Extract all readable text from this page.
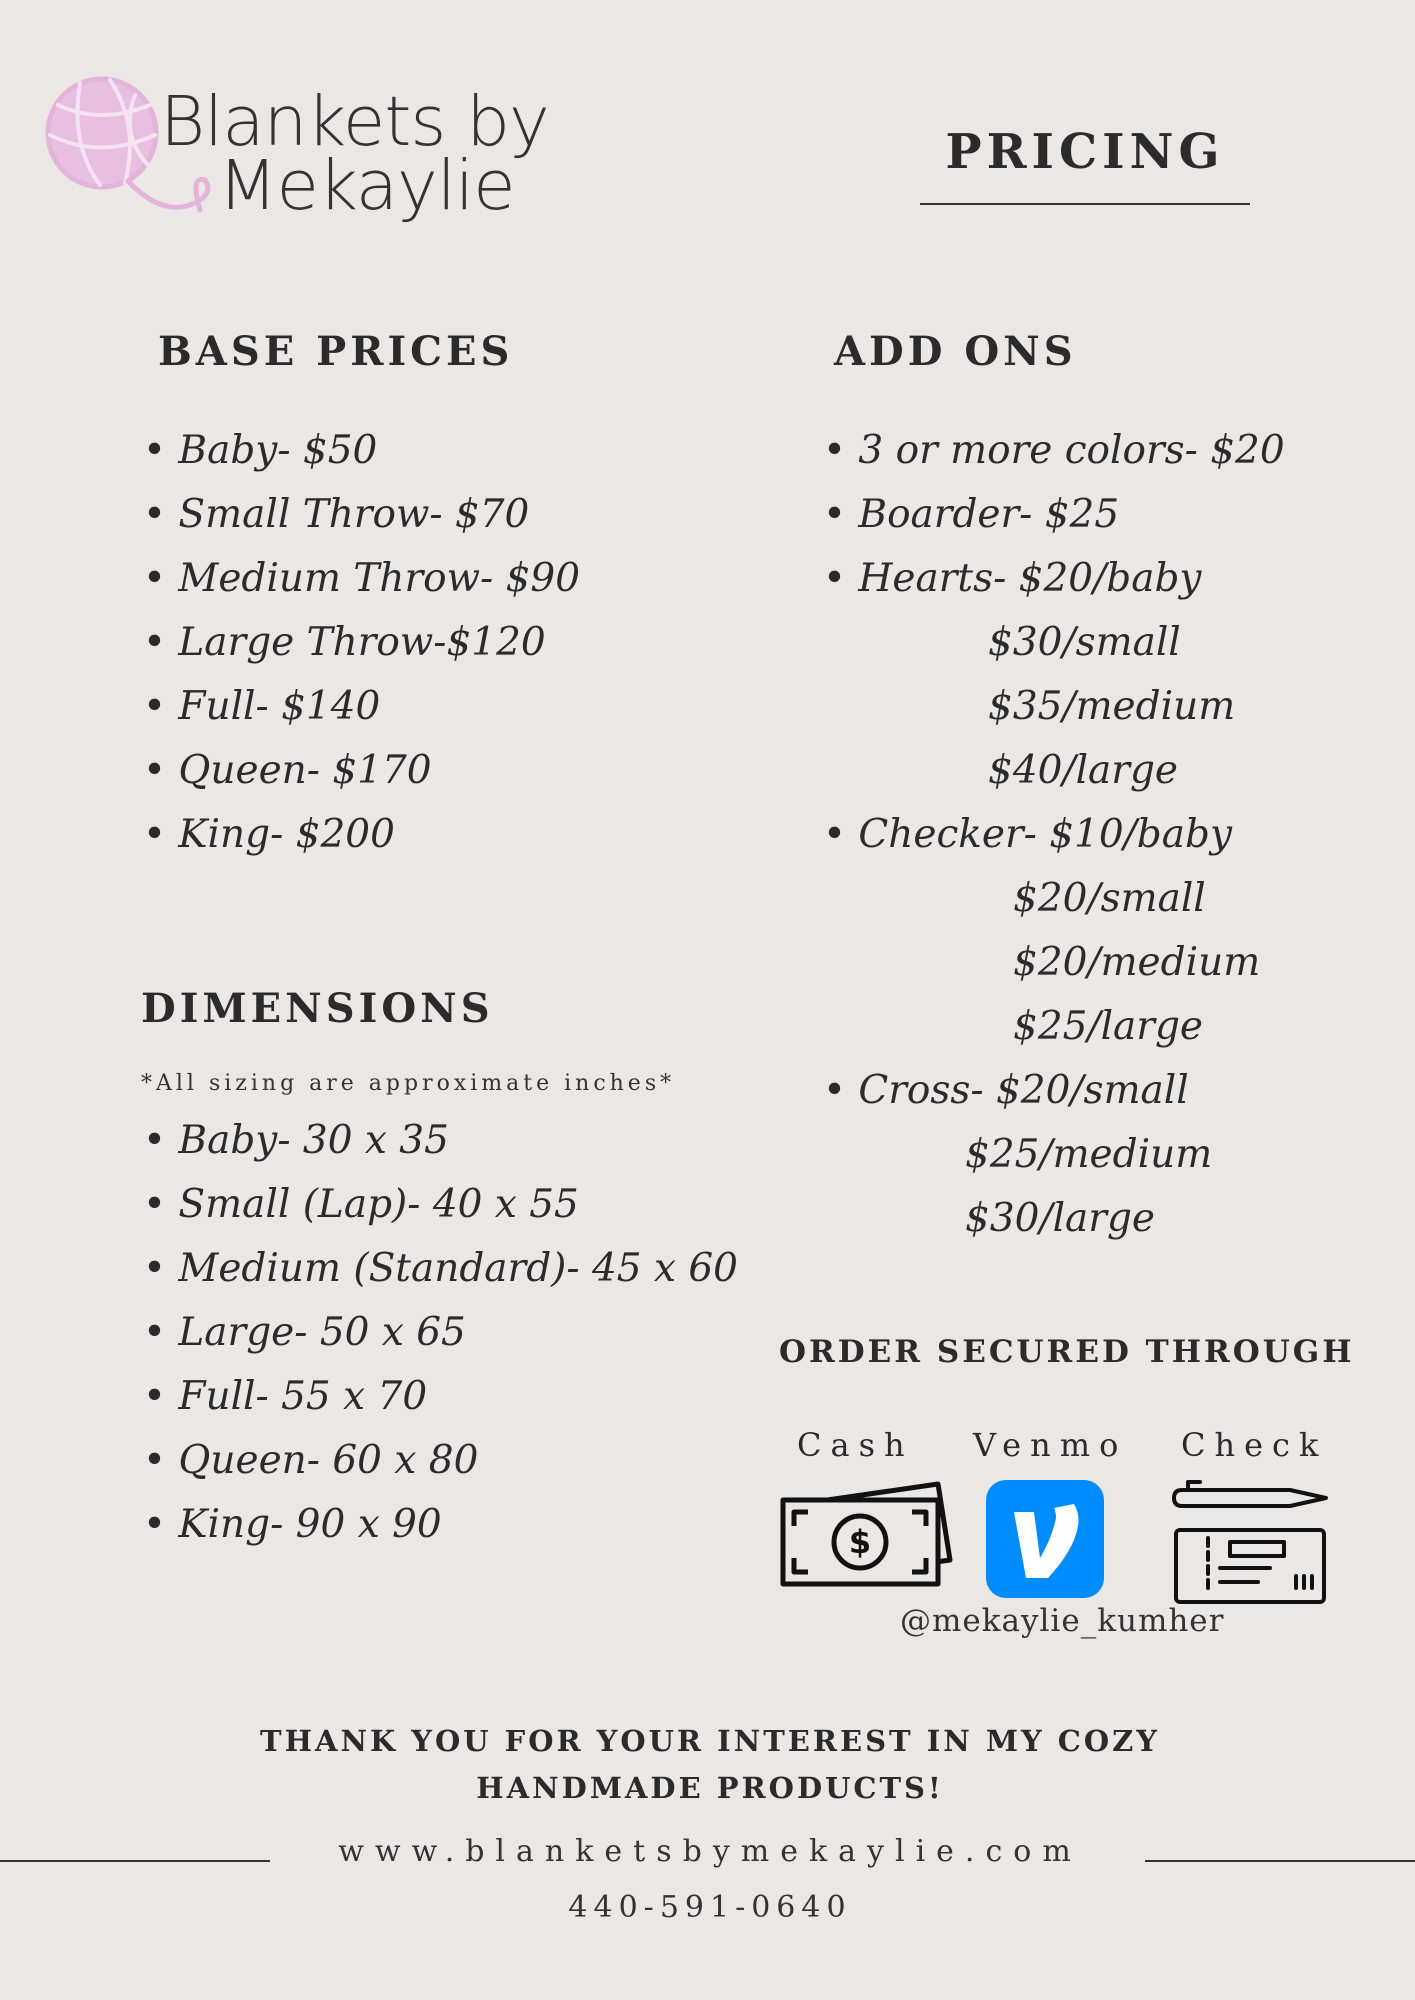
Blankets by
Mekaylie	PRICING
BASE PRICES
• Baby- $50
• Small Throw- $70
• Medium Throw- $90
• Large Throw-$120
• Full- $140
• Queen- $170
• King- $200
DIMENSIONS
*All sizing are approximate inches*
• Baby- 30 x 35
• Small (Lap)- 40 x 55
• Medium (Standard)- 45 x 60
• Large- 50 x 65
• Full- 55 x 70
• Queen- 60 x 80
• King- 90 x 90
ADD ONS
• 3 or more colors- $20
• Boarder- $25
• Hearts- $20/baby
$30/small
$35/medium
$40/large
• Checker- $10/baby
$20/small
$20/medium
$25/large
• Cross- $20/small
$25/medium
$30/large
ORDER SECURED THROUGH
Cash Venmo Check
$
@mekaylie_kumher
THANK YOU FOR YOUR INTEREST IN MY COZY
HANDMADE PRODUCTS!
www.blanketsbymekaylie.com
440-591-0640
